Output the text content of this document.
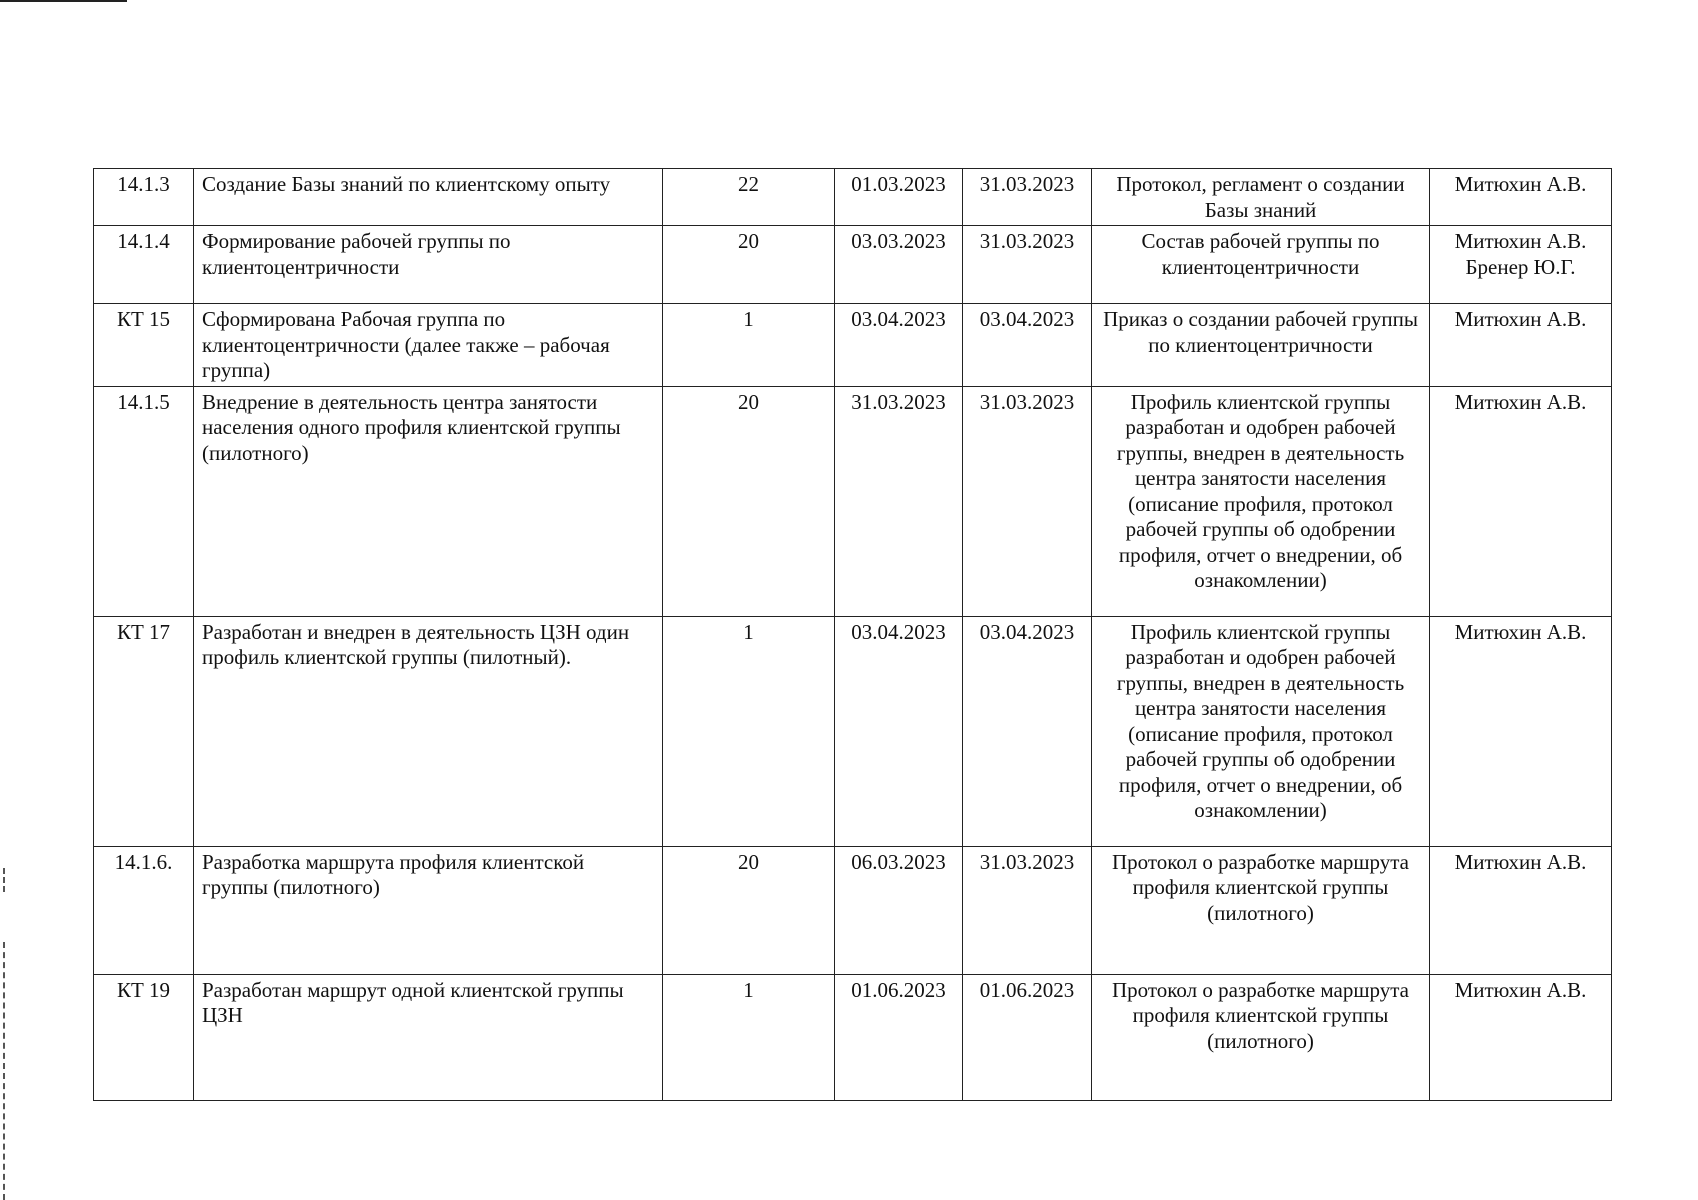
14.1.3	Создание Базы знаний по клиентскому опыту	22	01.03.2023	31.03.2023	Протокол, регламент о создании Базы знаний	Митюхин А.В.

14.1.4	Формирование рабочей группы по клиентоцентричности	20	03.03.2023	31.03.2023	Состав рабочей группы по клиентоцентричности	Митюхин А.В.
Бренер Ю.Г.

КТ 15	Сформирована Рабочая группа по клиентоцентричности (далее также – рабочая группа)	1	03.04.2023	03.04.2023	Приказ о создании рабочей группы по клиентоцентричности	Митюхин А.В.

14.1.5	Внедрение в деятельность центра занятости населения одного профиля клиентской группы (пилотного)	20	31.03.2023	31.03.2023	Профиль клиентской группы разработан и одобрен рабочей группы, внедрен в деятельность центра занятости населения (описание профиля, протокол рабочей группы об одобрении профиля, отчет о внедрении, об ознакомлении)	Митюхин А.В.

КТ 17	Разработан и внедрен в деятельность ЦЗН один профиль клиентской группы (пилотный).	1	03.04.2023	03.04.2023	Профиль клиентской группы разработан и одобрен рабочей группы, внедрен в деятельность центра занятости населения (описание профиля, протокол рабочей группы об одобрении профиля, отчет о внедрении, об ознакомлении)	Митюхин А.В.

14.1.6.	Разработка маршрута профиля клиентской группы (пилотного)	20	06.03.2023	31.03.2023	Протокол о разработке маршрута профиля клиентской группы (пилотного)	Митюхин А.В.

КТ 19	Разработан маршрут одной клиентской группы ЦЗН	1	01.06.2023	01.06.2023	Протокол о разработке маршрута профиля клиентской группы (пилотного)	Митюхин А.В.
